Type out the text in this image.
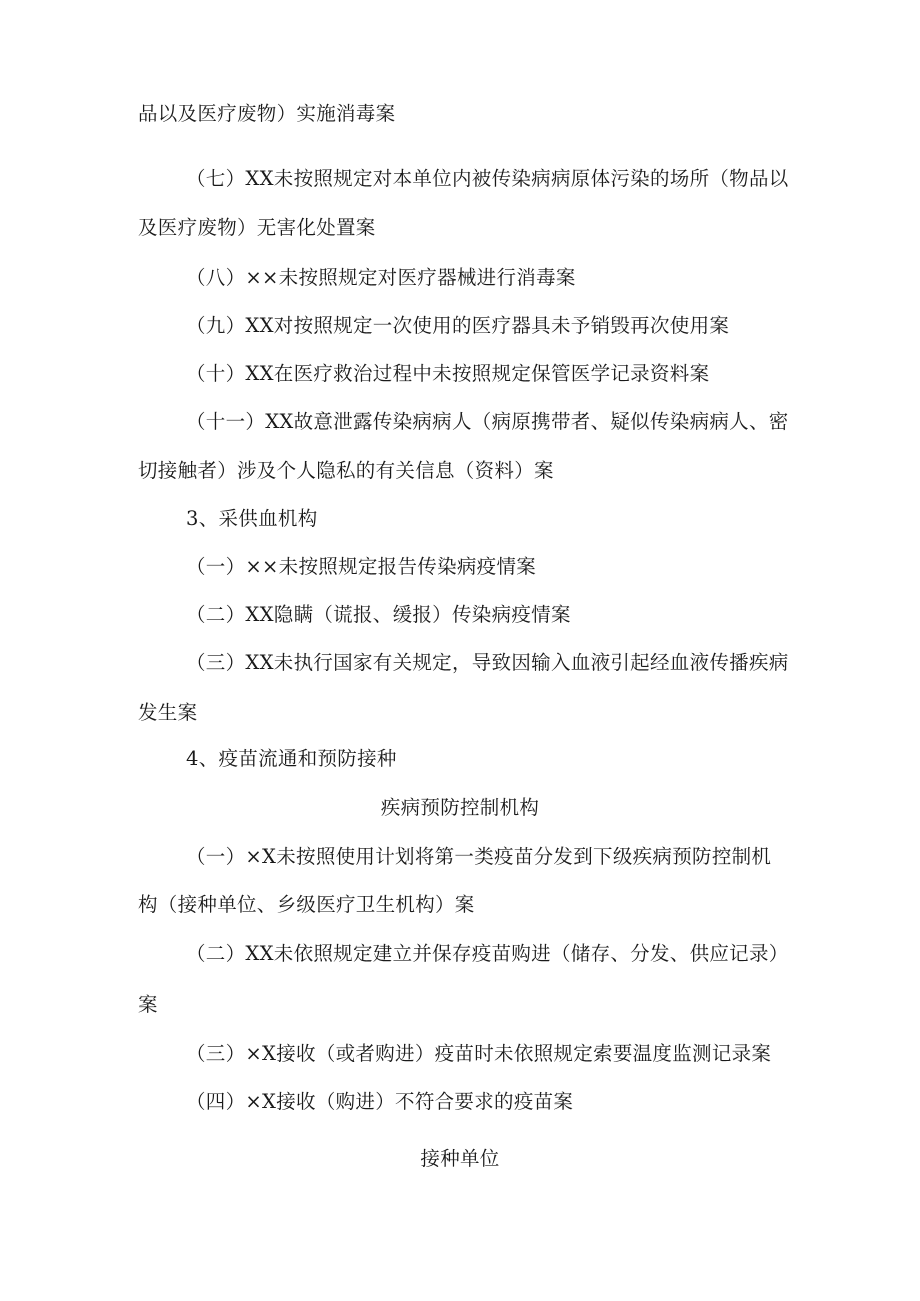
品以及医疗废物）实施消毒案
（七）XX未按照规定对本单位内被传染病病原体污染的场所（物品以
及医疗废物）无害化处置案
（八）××未按照规定对医疗器械进行消毒案
（九）XX对按照规定一次使用的医疗器具未予销毁再次使用案
（十）XX在医疗救治过程中未按照规定保管医学记录资料案
（十一）XX故意泄露传染病病人（病原携带者、疑似传染病病人、密
切接触者）涉及个人隐私的有关信息（资料）案
3、采供血机构
（一）××未按照规定报告传染病疫情案
（二）XX隐瞒（谎报、缓报）传染病疫情案
（三）XX未执行国家有关规定，导致因输入血液引起经血液传播疾病
发生案
4、疫苗流通和预防接种
疾病预防控制机构
（一）×X未按照使用计划将第一类疫苗分发到下级疾病预防控制机
构（接种单位、乡级医疗卫生机构）案
（二）XX未依照规定建立并保存疫苗购进（储存、分发、供应记录）
案
（三）×X接收（或者购进）疫苗时未依照规定索要温度监测记录案
（四）×X接收（购进）不符合要求的疫苗案
接种单位
